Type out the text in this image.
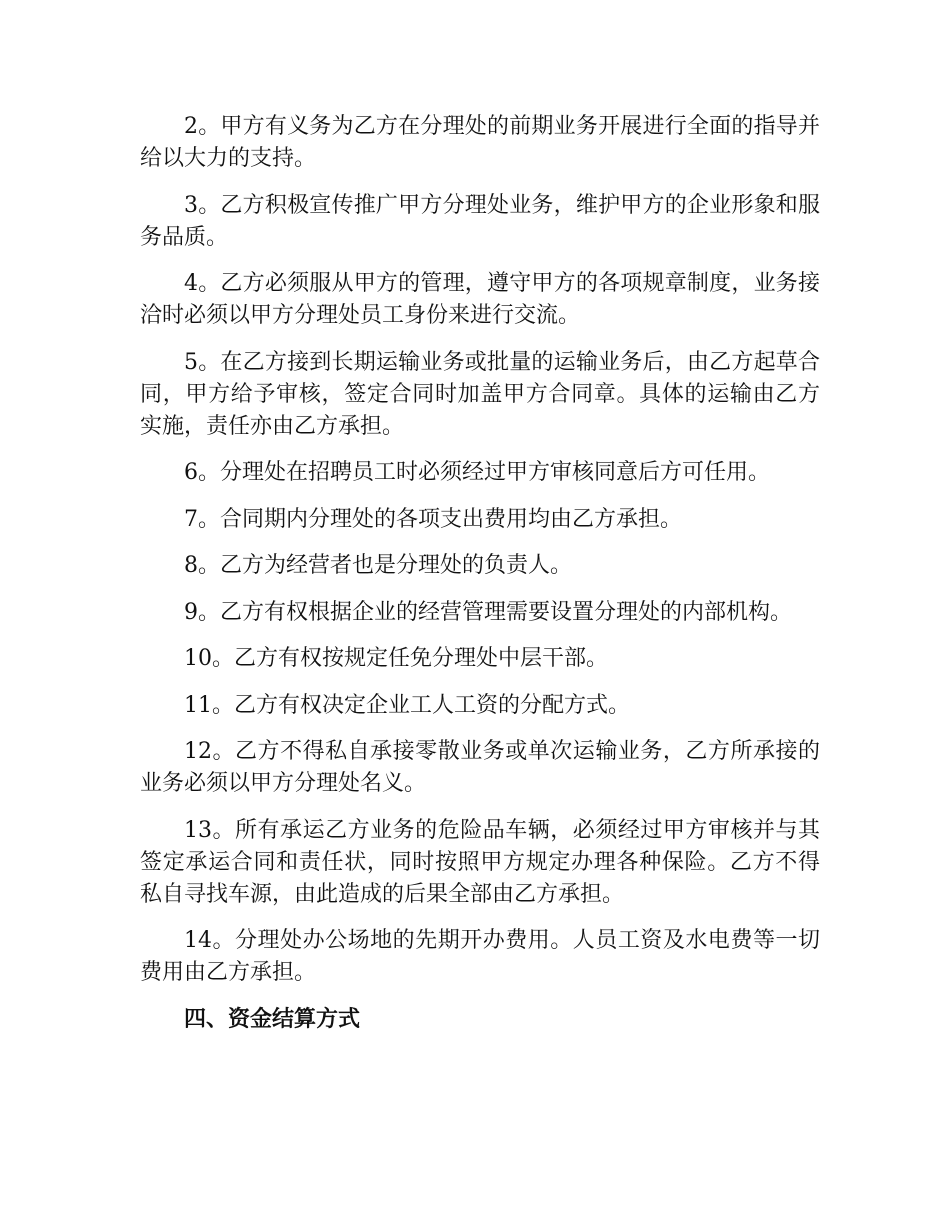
2。甲方有义务为乙方在分理处的前期业务开展进行全面的指导并给以大力的支持。

3。乙方积极宣传推广甲方分理处业务，维护甲方的企业形象和服务品质。

4。乙方必须服从甲方的管理，遵守甲方的各项规章制度，业务接洽时必须以甲方分理处员工身份来进行交流。

5。在乙方接到长期运输业务或批量的运输业务后，由乙方起草合同，甲方给予审核，签定合同时加盖甲方合同章。具体的运输由乙方实施，责任亦由乙方承担。

6。分理处在招聘员工时必须经过甲方审核同意后方可任用。

7。合同期内分理处的各项支出费用均由乙方承担。

8。乙方为经营者也是分理处的负责人。

9。乙方有权根据企业的经营管理需要设置分理处的内部机构。

10。乙方有权按规定任免分理处中层干部。

11。乙方有权决定企业工人工资的分配方式。

12。乙方不得私自承接零散业务或单次运输业务，乙方所承接的业务必须以甲方分理处名义。

13。所有承运乙方业务的危险品车辆，必须经过甲方审核并与其签定承运合同和责任状，同时按照甲方规定办理各种保险。乙方不得私自寻找车源，由此造成的后果全部由乙方承担。

14。分理处办公场地的先期开办费用。人员工资及水电费等一切费用由乙方承担。

四、资金结算方式
